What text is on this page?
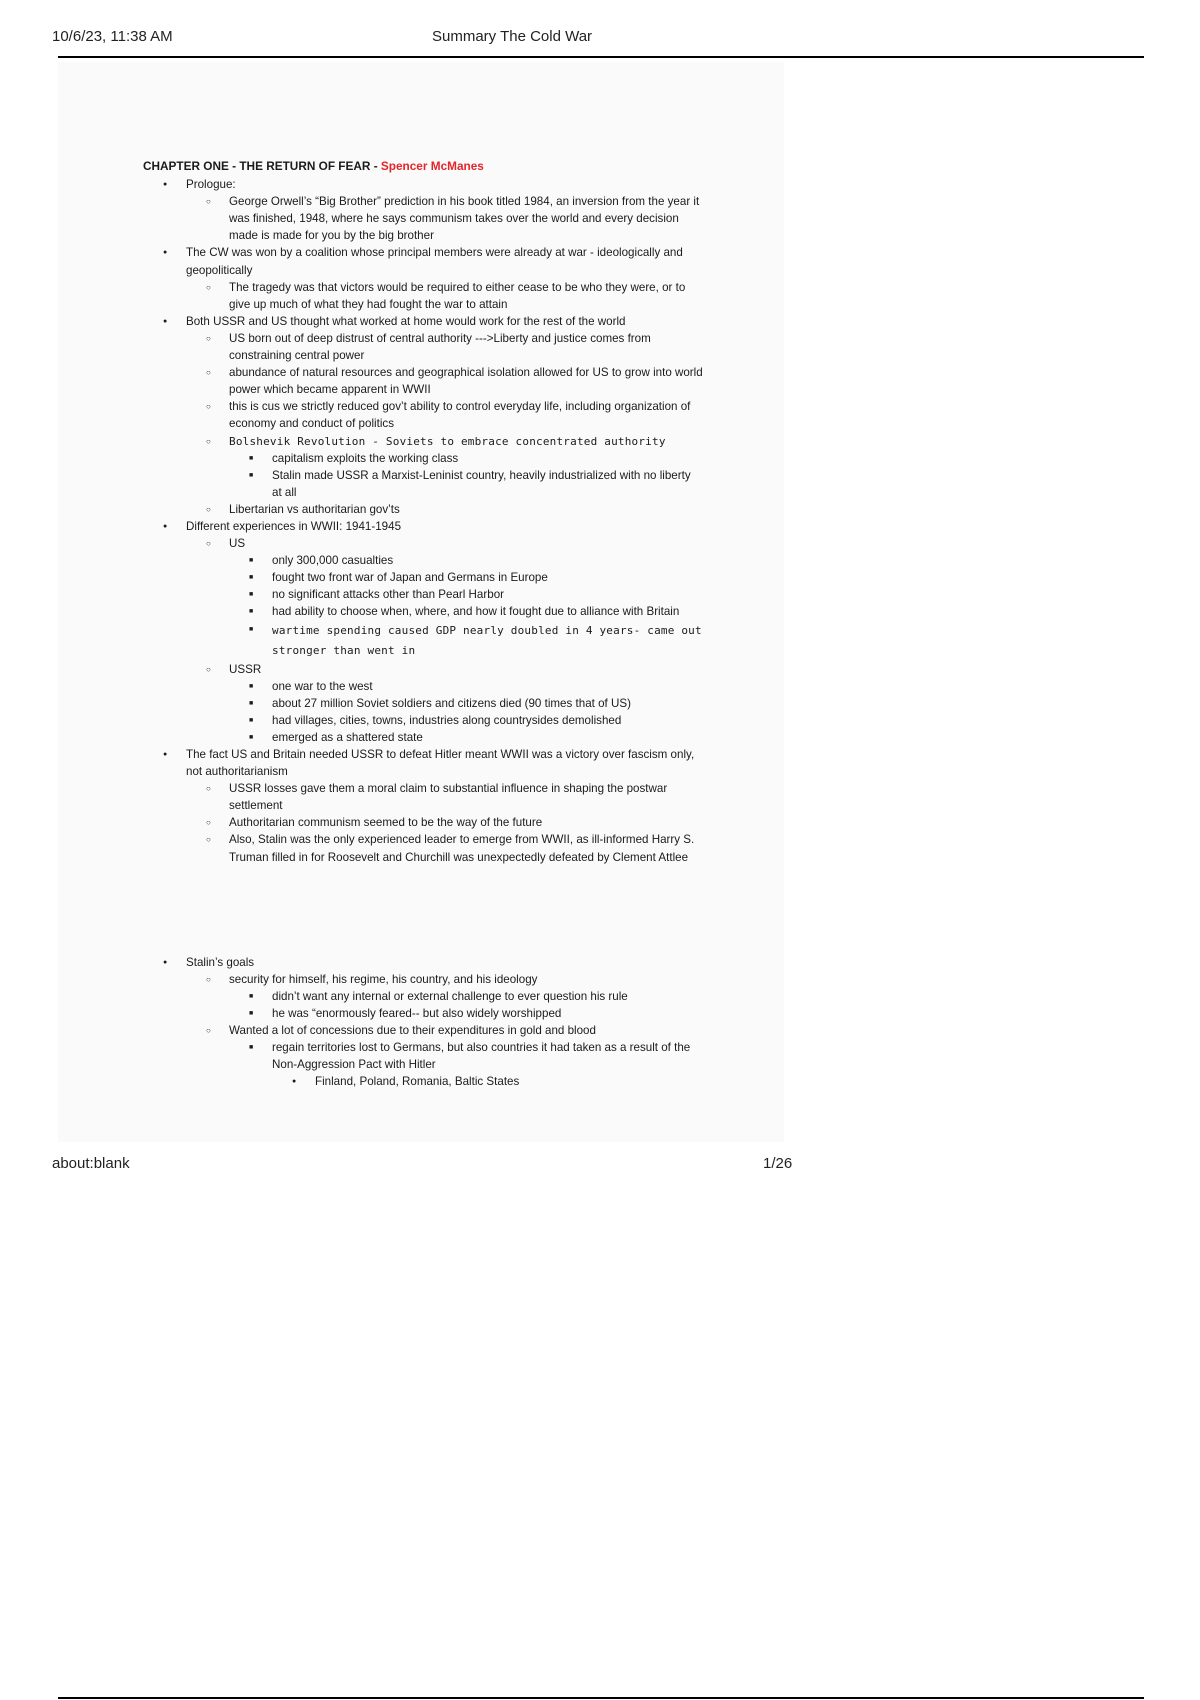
10/6/23, 11:38 AM	Summary The Cold War
CHAPTER ONE - THE RETURN OF FEAR - Spencer McManes
● Prologue:
○ George Orwell’s “Big Brother” prediction in his book titled 1984, an inversion from the year it was finished, 1948, where he says communism takes over the world and every decision made is made for you by the big brother
● The CW was won by a coalition whose principal members were already at war - ideologically and geopolitically
○ The tragedy was that victors would be required to either cease to be who they were, or to give up much of what they had fought the war to attain
● Both USSR and US thought what worked at home would work for the rest of the world
○ US born out of deep distrust of central authority --->Liberty and justice comes from constraining central power
○ abundance of natural resources and geographical isolation allowed for US to grow into world power which became apparent in WWII
○ this is cus we strictly reduced gov’t ability to control everyday life, including organization of economy and conduct of politics
○ Bolshevik Revolution - Soviets to embrace concentrated authority
■ capitalism exploits the working class
■ Stalin made USSR a Marxist-Leninist country, heavily industrialized with no liberty at all
○ Libertarian vs authoritarian gov’ts
● Different experiences in WWII: 1941-1945
○ US
■ only 300,000 casualties
■ fought two front war of Japan and Germans in Europe
■ no significant attacks other than Pearl Harbor
■ had ability to choose when, where, and how it fought due to alliance with Britain
■ wartime spending caused GDP nearly doubled in 4 years- came out stronger than went in
○ USSR
■ one war to the west
■ about 27 million Soviet soldiers and citizens died (90 times that of US)
■ had villages, cities, towns, industries along countrysides demolished
■ emerged as a shattered state
● The fact US and Britain needed USSR to defeat Hitler meant WWII was a victory over fascism only, not authoritarianism
○ USSR losses gave them a moral claim to substantial influence in shaping the postwar settlement
○ Authoritarian communism seemed to be the way of the future
○ Also, Stalin was the only experienced leader to emerge from WWII, as ill-informed Harry S. Truman filled in for Roosevelt and Churchill was unexpectedly defeated by Clement Attlee
● Stalin’s goals
○ security for himself, his regime, his country, and his ideology
■ didn’t want any internal or external challenge to ever question his rule
■ he was “enormously feared-- but also widely worshipped
○ Wanted a lot of concessions due to their expenditures in gold and blood
■ regain territories lost to Germans, but also countries it had taken as a result of the Non-Aggression Pact with Hitler
● Finland, Poland, Romania, Baltic States
about:blank	1/26
